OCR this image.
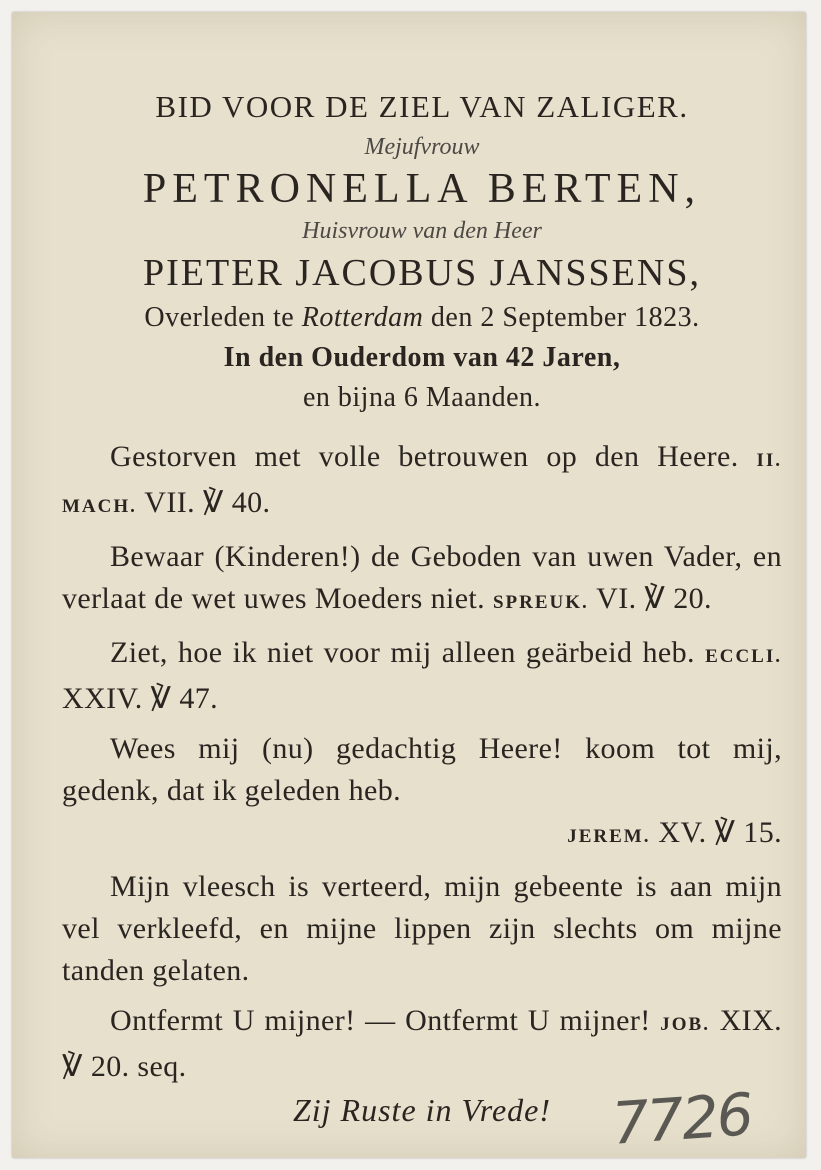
BID VOOR DE ZIEL VAN ZALIGER.
Mejufvrouw
PETRONELLA BERTEN,
Huisvrouw van den Heer
PIETER JACOBUS JANSSENS,
Overleden te Rotterdam den 2 September 1823.
In den Ouderdom van 42 Jaren,
en bijna 6 Maanden.
Gestorven met volle betrouwen op den Heere. II. MACH. VII. ℣ 40.
Bewaar (Kinderen!) de Geboden van uwen Vader, en verlaat de wet uwes Moeders niet. SPREUK. VI. ℣ 20.
Ziet, hoe ik niet voor mij alleen geärbeid heb. ECCLI. XXIV. ℣ 47.
Wees mij (nu) gedachtig Heere! koom tot mij, gedenk, dat ik geleden heb.
JEREM. XV. ℣ 15.
Mijn vleesch is verteerd, mijn gebeente is aan mijn vel verkleefd, en mijne lippen zijn slechts om mijne tanden gelaten.
Ontfermt U mijner! — Ontfermt U mijner! JOB. XIX. ℣ 20. seq.
Zij Ruste in Vrede!	7726
